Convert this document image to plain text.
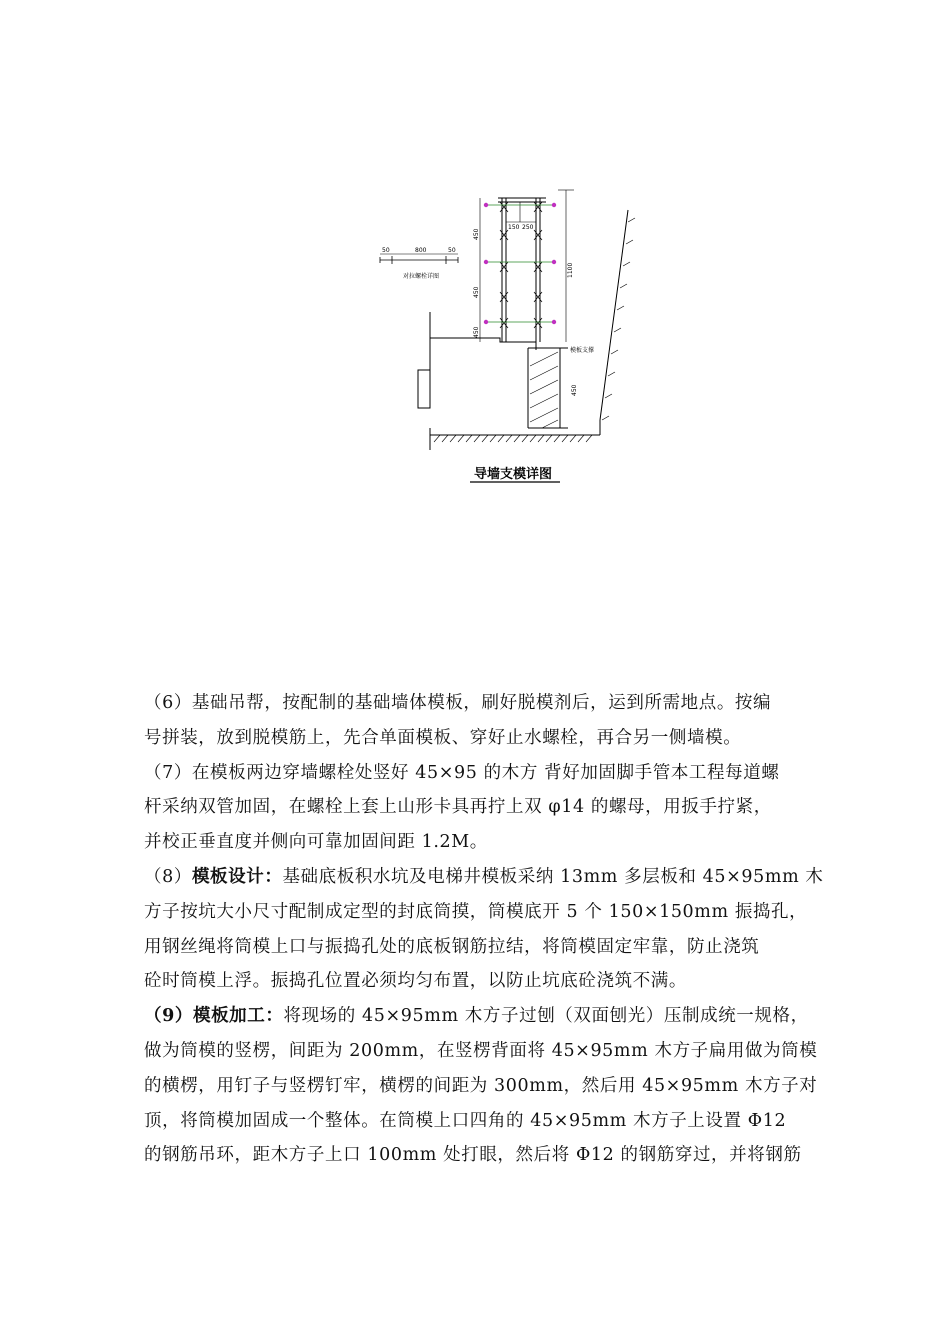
50	800	50
对拉螺栓详图
450
450
450
1100
150 250
450
模板支撑
导墙支模详图
（6）基础吊帮，按配制的基础墙体模板，刷好脱模剂后，运到所需地点。按编
号拼装，放到脱模筋上，先合单面模板、穿好止水螺栓，再合另一侧墙模。
（7）在模板两边穿墙螺栓处竖好 45×95 的木方 背好加固脚手管本工程每道螺
杆采纳双管加固，在螺栓上套上山形卡具再拧上双 φ14 的螺母，用扳手拧紧，
并校正垂直度并侧向可靠加固间距 1.2M。
（8）模板设计：基础底板积水坑及电梯井模板采纳 13mm 多层板和 45×95mm 木
方子按坑大小尺寸配制成定型的封底筒摸，筒模底开 5 个 150×150mm 振捣孔，
用钢丝绳将筒模上口与振捣孔处的底板钢筋拉结，将筒模固定牢靠，防止浇筑
砼时筒模上浮。振捣孔位置必须均匀布置，以防止坑底砼浇筑不满。
（9）模板加工：将现场的 45×95mm 木方子过刨（双面刨光）压制成统一规格，
做为筒模的竖楞，间距为 200mm，在竖楞背面将 45×95mm 木方子扁用做为筒模
的横楞，用钉子与竖楞钉牢，横楞的间距为 300mm，然后用 45×95mm 木方子对
顶，将筒模加固成一个整体。在筒模上口四角的 45×95mm 木方子上设置 Φ12
的钢筋吊环，距木方子上口 100mm 处打眼，然后将 Φ12 的钢筋穿过，并将钢筋
